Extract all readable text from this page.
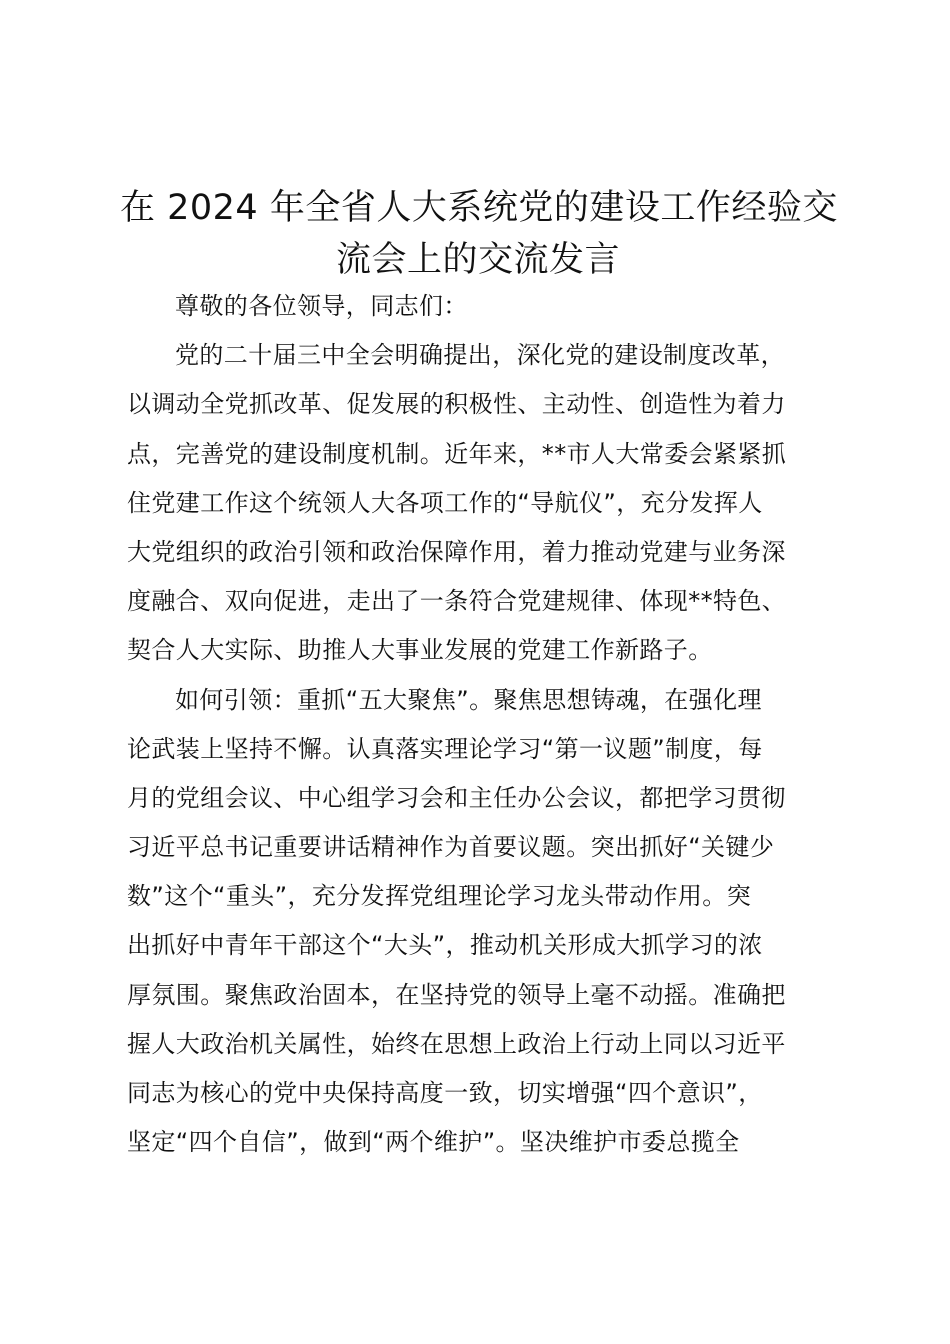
在 2024 年全省人大系统党的建设工作经验交
流会上的交流发言
尊敬的各位领导，同志们：
党的二十届三中全会明确提出，深化党的建设制度改革，
以调动全党抓改革、促发展的积极性、主动性、创造性为着力
点，完善党的建设制度机制。近年来，**市人大常委会紧紧抓
住党建工作这个统领人大各项工作的“导航仪”，充分发挥人
大党组织的政治引领和政治保障作用，着力推动党建与业务深
度融合、双向促进，走出了一条符合党建规律、体现**特色、
契合人大实际、助推人大事业发展的党建工作新路子。
如何引领：重抓“五大聚焦”。聚焦思想铸魂，在强化理
论武装上坚持不懈。认真落实理论学习“第一议题”制度，每
月的党组会议、中心组学习会和主任办公会议，都把学习贯彻
习近平总书记重要讲话精神作为首要议题。突出抓好“关键少
数”这个“重头”，充分发挥党组理论学习龙头带动作用。突
出抓好中青年干部这个“大头”，推动机关形成大抓学习的浓
厚氛围。聚焦政治固本，在坚持党的领导上毫不动摇。准确把
握人大政治机关属性，始终在思想上政治上行动上同以习近平
同志为核心的党中央保持高度一致，切实增强“四个意识”，
坚定“四个自信”，做到“两个维护”。坚决维护市委总揽全
